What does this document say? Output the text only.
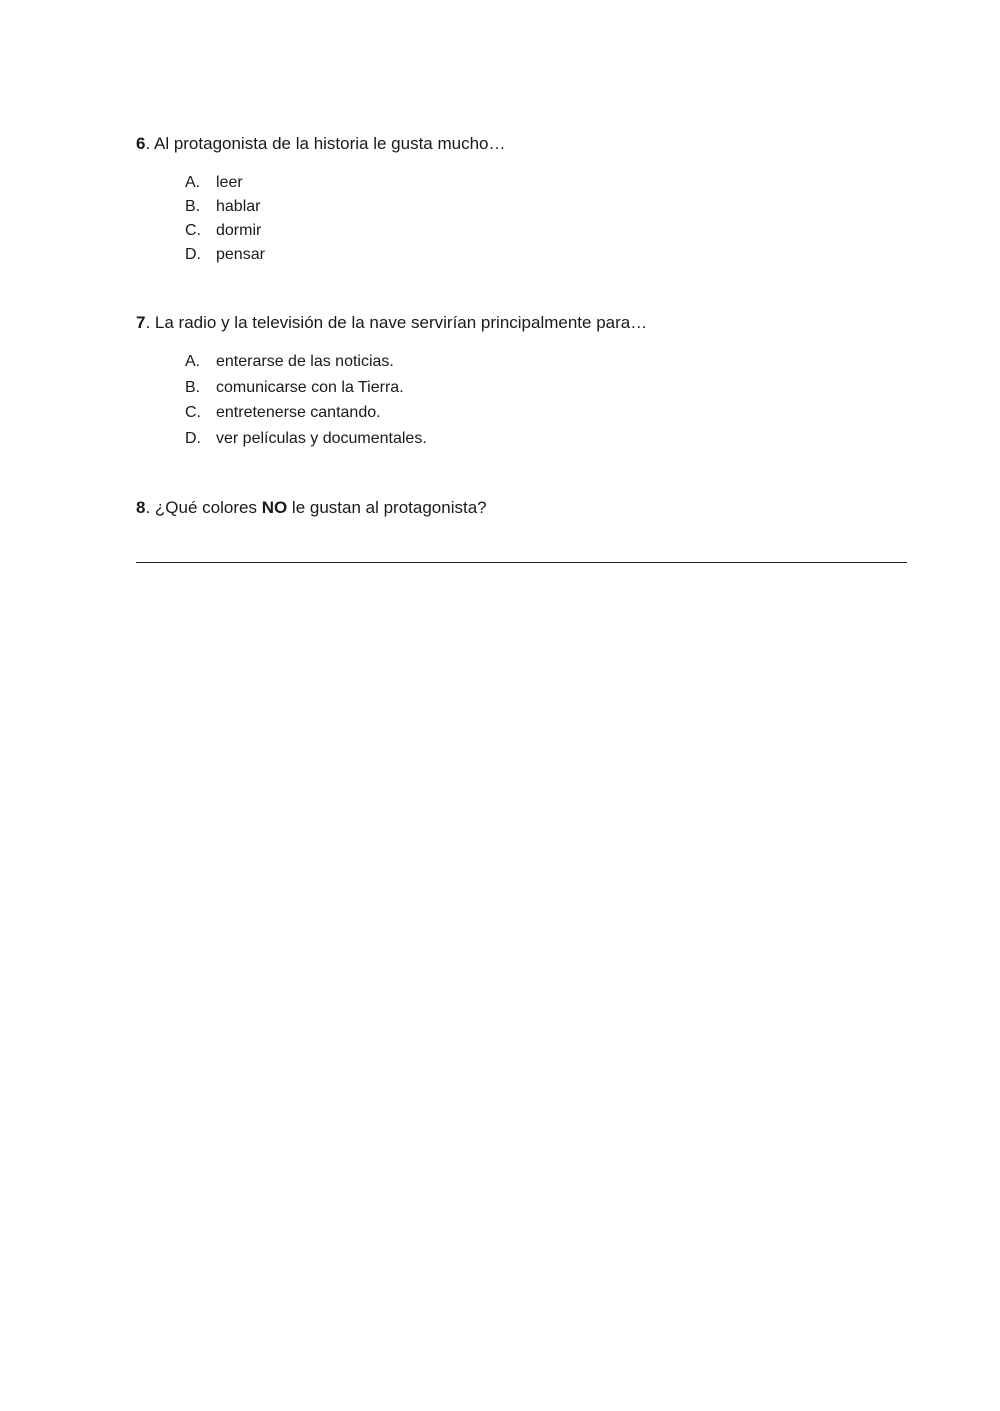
6. Al protagonista de la historia le gusta mucho…
A. leer
B. hablar
C. dormir
D. pensar
7. La radio y la televisión de la nave servirían principalmente para…
A. enterarse de las noticias.
B. comunicarse con la Tierra.
C. entretenerse cantando.
D. ver películas y documentales.
8. ¿Qué colores NO le gustan al protagonista?
